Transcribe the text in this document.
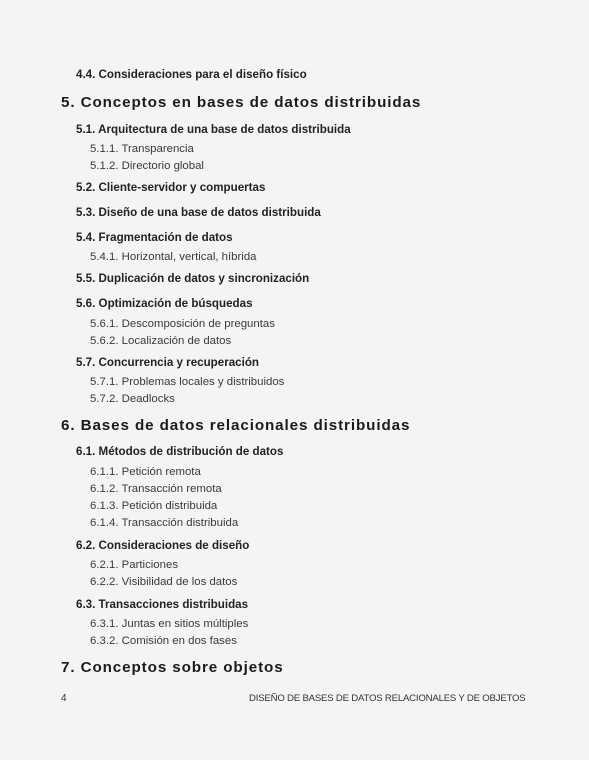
4.4. Consideraciones para el diseño físico
5. Conceptos en bases de datos distribuidas
5.1. Arquitectura de una base de datos distribuida
5.1.1. Transparencia
5.1.2. Directorio global
5.2. Cliente-servidor y compuertas
5.3. Diseño de una base de datos distribuida
5.4. Fragmentación de datos
5.4.1. Horizontal, vertical, híbrida
5.5. Duplicación de datos y sincronización
5.6. Optimización de búsquedas
5.6.1. Descomposición de preguntas
5.6.2. Localización de datos
5.7. Concurrencia y recuperación
5.7.1. Problemas locales y distribuidos
5.7.2. Deadlocks
6. Bases de datos relacionales distribuidas
6.1. Métodos de distribución de datos
6.1.1. Petición remota
6.1.2. Transacción remota
6.1.3. Petición distribuida
6.1.4. Transacción distribuida
6.2. Consideraciones de diseño
6.2.1. Particiones
6.2.2. Visibilidad de los datos
6.3. Transacciones distribuidas
6.3.1. Juntas en sitios múltiples
6.3.2. Comisión en dos fases
7. Conceptos sobre objetos
4	DISEÑO DE BASES DE DATOS RELACIONALES Y DE OBJETOS
